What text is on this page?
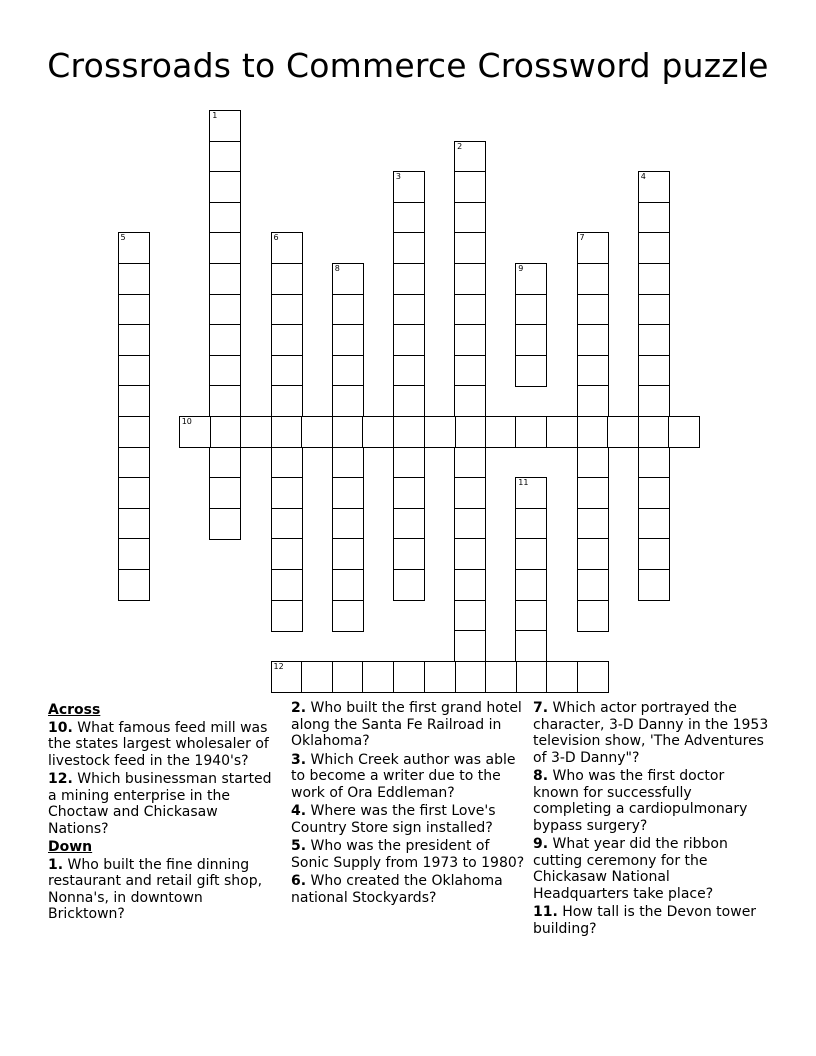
Crossroads to Commerce Crossword puzzle
1
2
3	4
5	6	7
8	9
10
11
12
Across
10. What famous feed mill was the states largest wholesaler of livestock feed in the 1940's?
12. Which businessman started a mining enterprise in the Choctaw and Chickasaw Nations?
Down
1. Who built the fine dinning restaurant and retail gift shop, Nonna's, in downtown Bricktown?
2. Who built the first grand hotel along the Santa Fe Railroad in Oklahoma?
3. Which Creek author was able to become a writer due to the work of Ora Eddleman?
4. Where was the first Love's Country Store sign installed?
5. Who was the president of Sonic Supply from 1973 to 1980?
6. Who created the Oklahoma national Stockyards?
7. Which actor portrayed the character, 3-D Danny in the 1953 television show, 'The Adventures of 3-D Danny"?
8. Who was the first doctor known for successfully completing a cardiopulmonary bypass surgery?
9. What year did the ribbon cutting ceremony for the Chickasaw National Headquarters take place?
11. How tall is the Devon tower building?
